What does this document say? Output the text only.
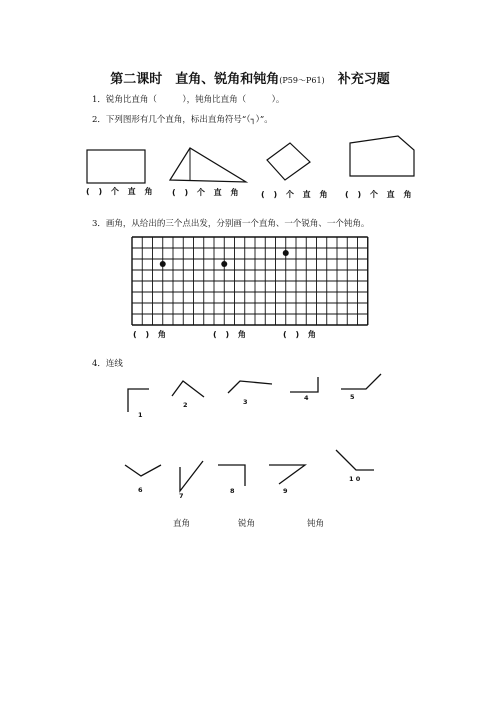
第二课时　直角、锐角和钝角(P59～P61)　 补充习题
1．锐角比直角（　　　），钝角比直角（　　　）。
2．下列图形有几个直角，标出直角符号“（┐）”。
( ) 个 直 角 ( ) 个 直 角 ( ) 个 直 角 ( ) 个 直 角
3．画角，从给出的三个点出发，分别画一个直角、一个锐角、一个钝角。
( ) 角	( ) 角	( ) 角
4．连线
1
2	3	4	5
6
7
8	9
1 0
直角	锐角	钝角
